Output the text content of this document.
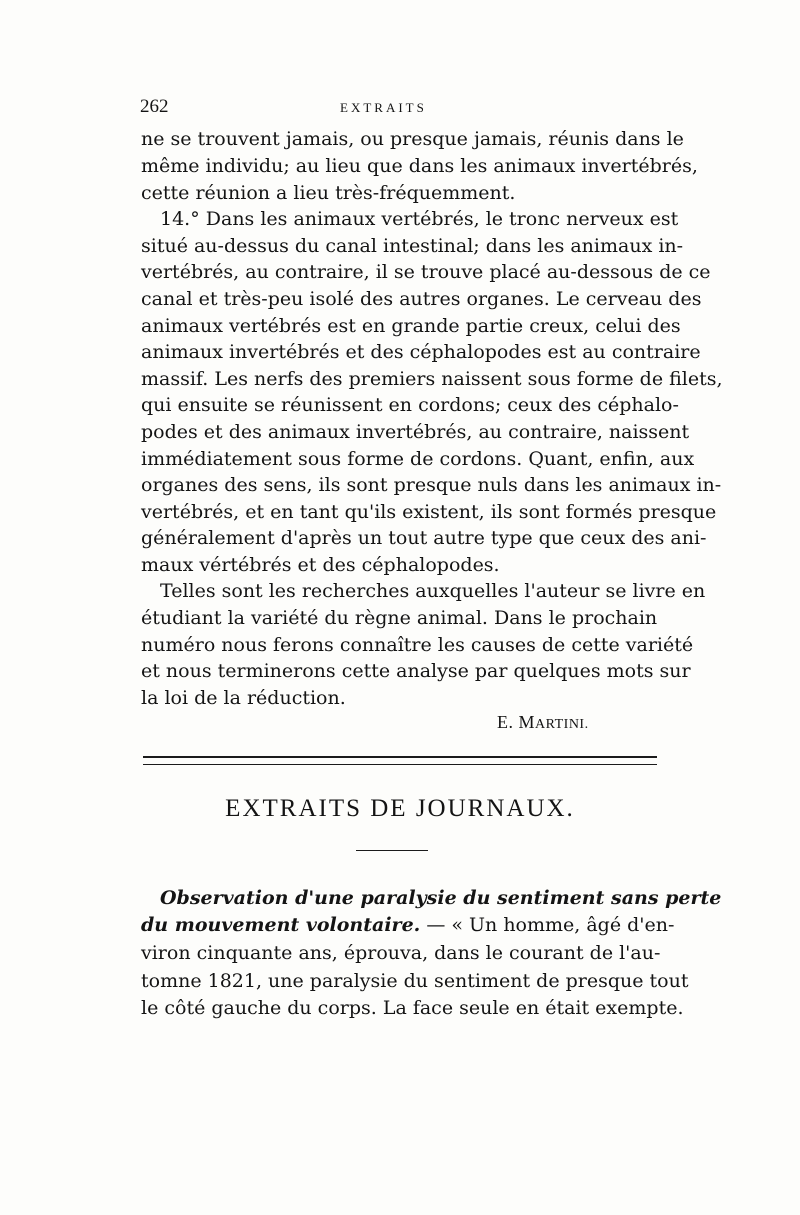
262	EXTRAITS
ne se trouvent jamais, ou presque jamais, réunis dans le
même individu; au lieu que dans les animaux invertébrés,
cette réunion a lieu très-fréquemment.
14.° Dans les animaux vertébrés, le tronc nerveux est
situé au-dessus du canal intestinal; dans les animaux in-
vertébrés, au contraire, il se trouve placé au-dessous de ce
canal et très-peu isolé des autres organes. Le cerveau des
animaux vertébrés est en grande partie creux, celui des
animaux invertébrés et des céphalopodes est au contraire
massif. Les nerfs des premiers naissent sous forme de filets,
qui ensuite se réunissent en cordons; ceux des céphalo-
podes et des animaux invertébrés, au contraire, naissent
immédiatement sous forme de cordons. Quant, enfin, aux
organes des sens, ils sont presque nuls dans les animaux in-
vertébrés, et en tant qu'ils existent, ils sont formés presque
généralement d'après un tout autre type que ceux des ani-
maux vértébrés et des céphalopodes.
Telles sont les recherches auxquelles l'auteur se livre en
étudiant la variété du règne animal. Dans le prochain
numéro nous ferons connaître les causes de cette variété
et nous terminerons cette analyse par quelques mots sur
la loi de la réduction.
E. MARTINI.
EXTRAITS DE JOURNAUX.
Observation d'une paralysie du sentiment sans perte
du mouvement volontaire. — « Un homme, âgé d'en-
viron cinquante ans, éprouva, dans le courant de l'au-
tomne 1821, une paralysie du sentiment de presque tout
le côté gauche du corps. La face seule en était exempte.
